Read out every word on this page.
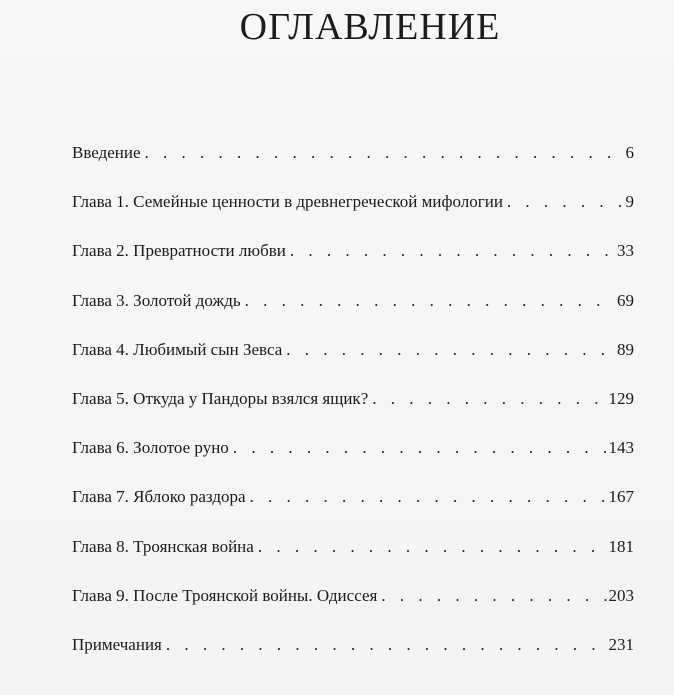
ОГЛАВЛЕНИЕ
Введение . . .	6
Глава 1. Семейные ценности в древнегреческой мифологии . . .	9
Глава 2. Превратности любви . . .	33
Глава 3. Золотой дождь . . .	69
Глава 4. Любимый сын Зевса . . .	89
Глава 5. Откуда у Пандоры взялся ящик? . . .	129
Глава 6. Золотое руно . . .	143
Глава 7. Яблоко раздора . . .	167
Глава 8. Троянская война . . .	181
Глава 9. После Троянской войны. Одиссея . . .	203
Примечания . . .	231
